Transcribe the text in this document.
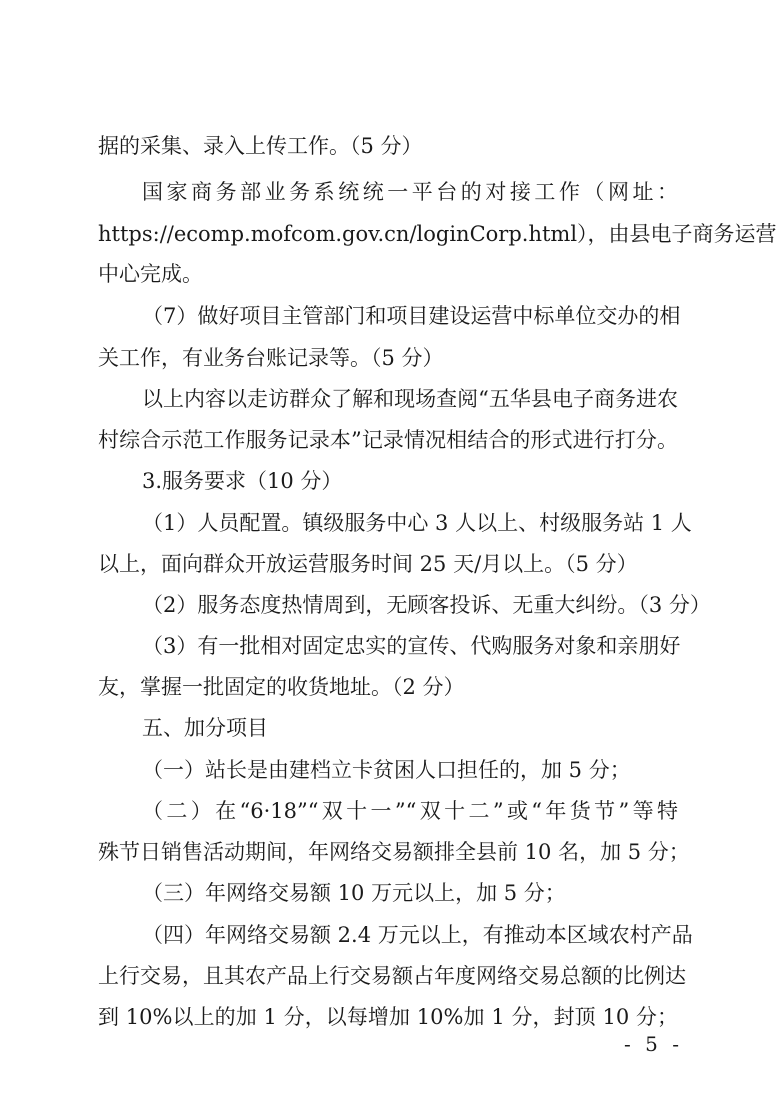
据的采集、录入上传工作。（5 分）
国家商务部业务系统统一平台的对接工作（网址：
https://ecomp.mofcom.gov.cn/loginCorp.html），由县电子商务运营
中心完成。
（7）做好项目主管部门和项目建设运营中标单位交办的相
关工作，有业务台账记录等。（5 分）
以上内容以走访群众了解和现场查阅“五华县电子商务进农
村综合示范工作服务记录本”记录情况相结合的形式进行打分。
3.服务要求（10 分）
（1）人员配置。镇级服务中心 3 人以上、村级服务站 1 人
以上，面向群众开放运营服务时间 25 天/月以上。（5 分）
（2）服务态度热情周到，无顾客投诉、无重大纠纷。（3 分）
（3）有一批相对固定忠实的宣传、代购服务对象和亲朋好
友，掌握一批固定的收货地址。（2 分）
五、加分项目
（一）站长是由建档立卡贫困人口担任的，加 5 分；
（二）在“6·18”“双十一”“双十二”或“年货节”等特
殊节日销售活动期间，年网络交易额排全县前 10 名，加 5 分；
（三）年网络交易额 10 万元以上，加 5 分；
（四）年网络交易额 2.4 万元以上，有推动本区域农村产品
上行交易，且其农产品上行交易额占年度网络交易总额的比例达
到 10%以上的加 1 分，以每增加 10%加 1 分，封顶 10 分；
- 5 -
